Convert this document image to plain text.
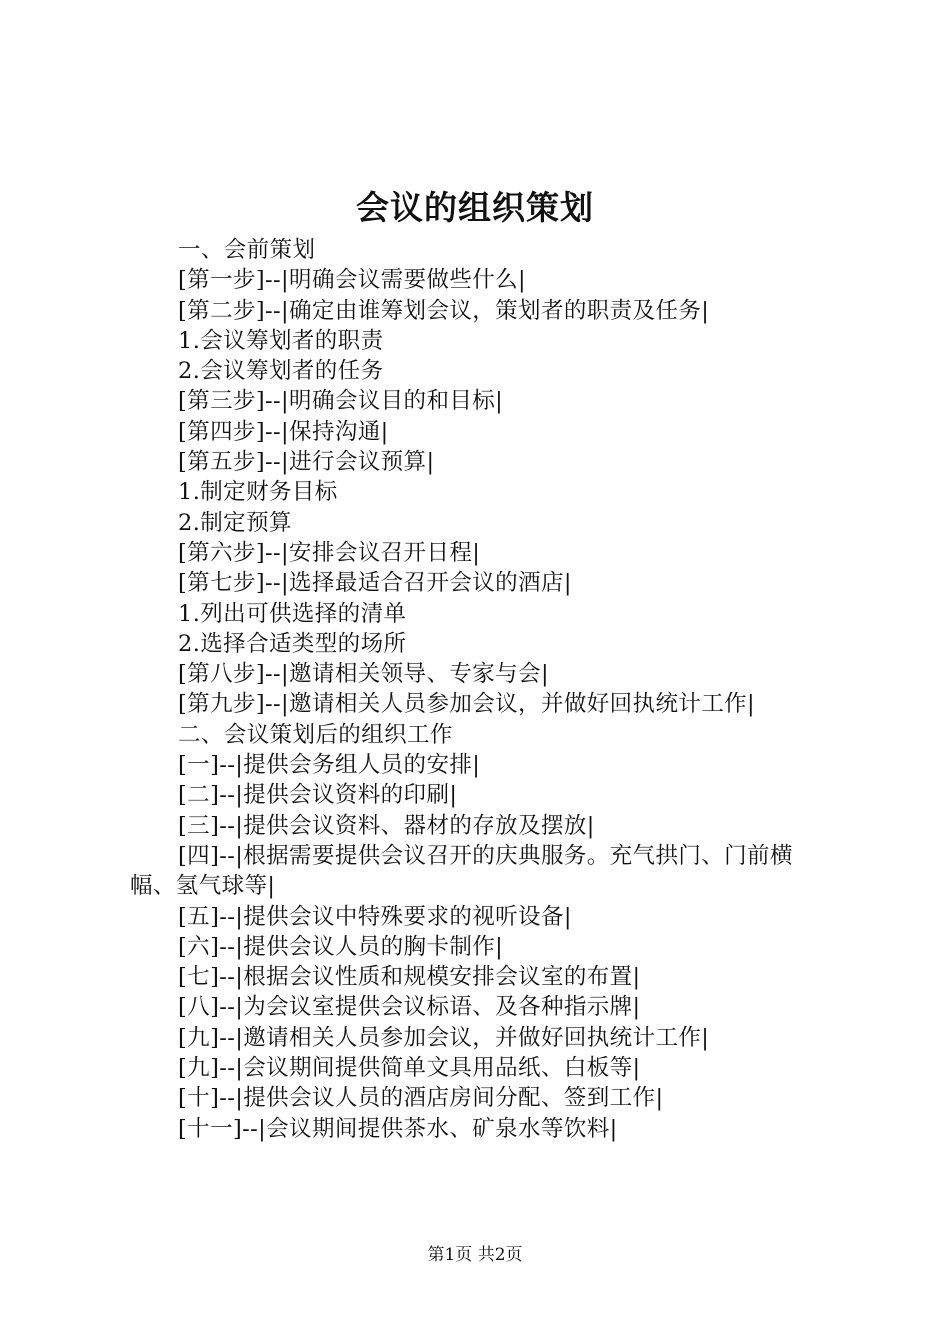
会议的组织策划

一、会前策划

[第一步]--|明确会议需要做些什么|

[第二步]--|确定由谁筹划会议，策划者的职责及任务|

1.会议筹划者的职责

2.会议筹划者的任务

[第三步]--|明确会议目的和目标|

[第四步]--|保持沟通|

[第五步]--|进行会议预算|

1.制定财务目标

2.制定预算

[第六步]--|安排会议召开日程|

[第七步]--|选择最适合召开会议的酒店|

1.列出可供选择的清单

2.选择合适类型的场所

[第八步]--|邀请相关领导、专家与会|

[第九步]--|邀请相关人员参加会议，并做好回执统计工作|

二、会议策划后的组织工作

[一]--|提供会务组人员的安排|

[二]--|提供会议资料的印刷|

[三]--|提供会议资料、器材的存放及摆放|

[四]--|根据需要提供会议召开的庆典服务。充气拱门、门前横幅、氢气球等|

[五]--|提供会议中特殊要求的视听设备|

[六]--|提供会议人员的胸卡制作|

[七]--|根据会议性质和规模安排会议室的布置|

[八]--|为会议室提供会议标语、及各种指示牌|

[九]--|邀请相关人员参加会议，并做好回执统计工作|

[九]--|会议期间提供简单文具用品纸、白板等|

[十]--|提供会议人员的酒店房间分配、签到工作|

[十一]--|会议期间提供茶水、矿泉水等饮料|

第1页 共2页
